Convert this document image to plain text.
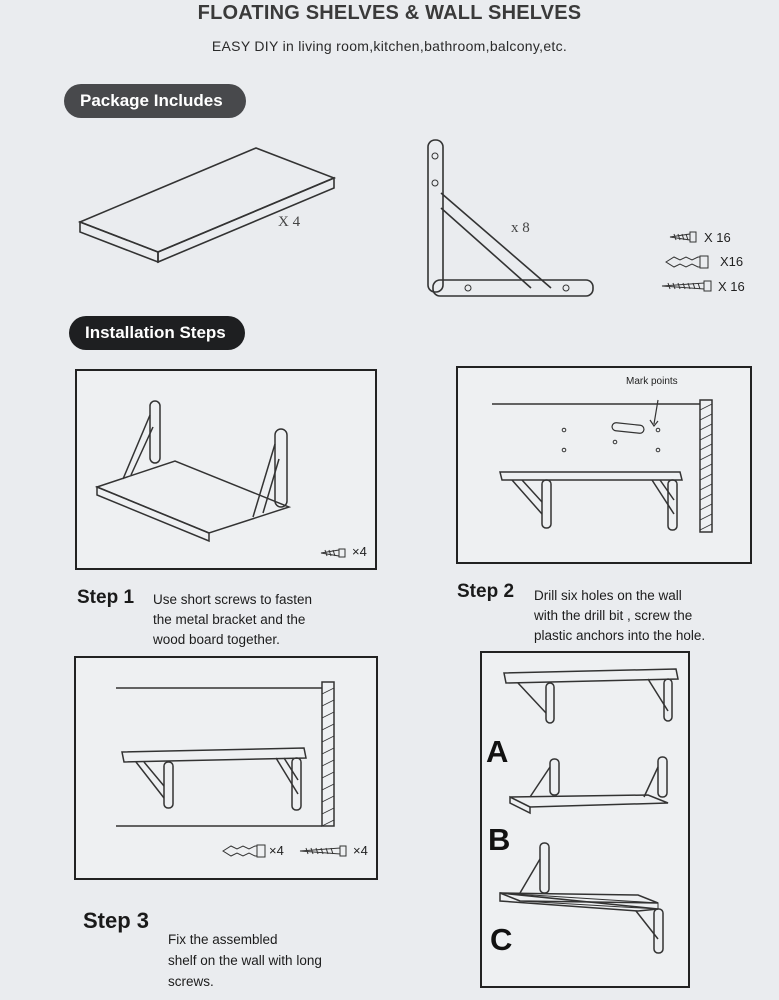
FLOATING SHELVES & WALL SHELVES
EASY DIY in living room,kitchen,bathroom,balcony,etc.
Package Includes
X 4	x 8
X 16
X16
X 16
Installation Steps
×4
Step 1 Use short screws to fasten
the metal bracket and the
wood board together.
Mark points
Step 2 Drill six holes on the wall
with the drill bit , screw the
plastic anchors into the hole.
×4	×4
Step 3

Fix the assembled
shelf on the wall with long
screws.

A
B
C
